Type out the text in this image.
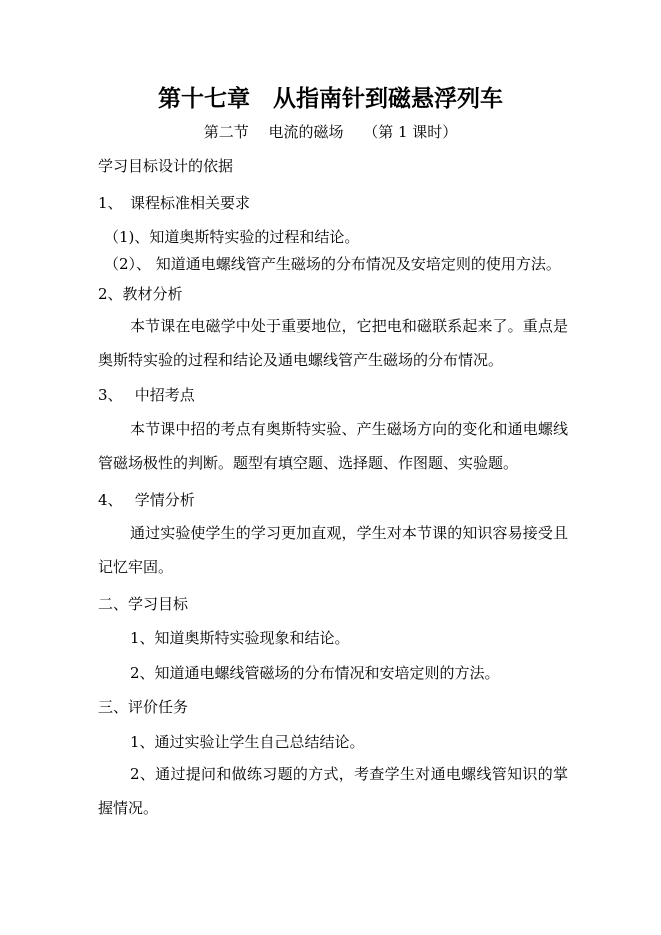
第十七章　从指南针到磁悬浮列车
第二节　 电流的磁场　 （第 1 课时）
学习目标设计的依据
1、　课程标准相关要求
（1)、知道奥斯特实验的过程和结论。
（2）、 知道通电螺线管产生磁场的分布情况及安培定则的使用方法。
2、教材分析
本节课在电磁学中处于重要地位，它把电和磁联系起来了。重点是奥斯特实验的过程和结论及通电螺线管产生磁场的分布情况。
3、　 中招考点
本节课中招的考点有奥斯特实验、产生磁场方向的变化和通电螺线管磁场极性的判断。题型有填空题、选择题、作图题、实验题。
4、　 学情分析
通过实验使学生的学习更加直观，学生对本节课的知识容易接受且记忆牢固。
二、学习目标
1、知道奥斯特实验现象和结论。
2、知道通电螺线管磁场的分布情况和安培定则的方法。
三、评价任务
1、通过实验让学生自己总结结论。
2、通过提问和做练习题的方式，考查学生对通电螺线管知识的掌握情况。
